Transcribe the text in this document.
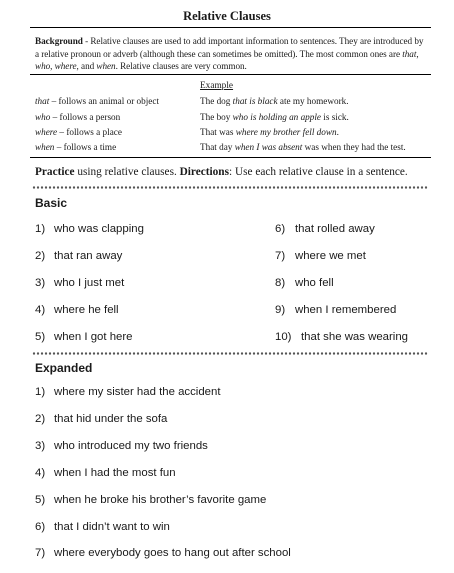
Relative Clauses
Background - Relative clauses are used to add important information to sentences. They are introduced by a relative pronoun or adverb (although these can sometimes be omitted). The most common ones are that, who, where, and when. Relative clauses are very common.
Example
that – follows an animal or object	The dog that is black ate my homework.
who – follows a person	The boy who is holding an apple is sick.
where – follows a place	That was where my brother fell down.
when – follows a time	That day when I was absent was when they had the test.
Practice using relative clauses. Directions: Use each relative clause in a sentence.
Basic
1) who was clapping
2) that ran away
3) who I just met
4) where he fell
5) when I got here
6) that rolled away
7) where we met
8) who fell
9) when I remembered
10) that she was wearing
Expanded
1) where my sister had the accident
2) that hid under the sofa
3) who introduced my two friends
4) when I had the most fun
5) when he broke his brother’s favorite game
6) that I didn’t want to win
7) where everybody goes to hang out after school
